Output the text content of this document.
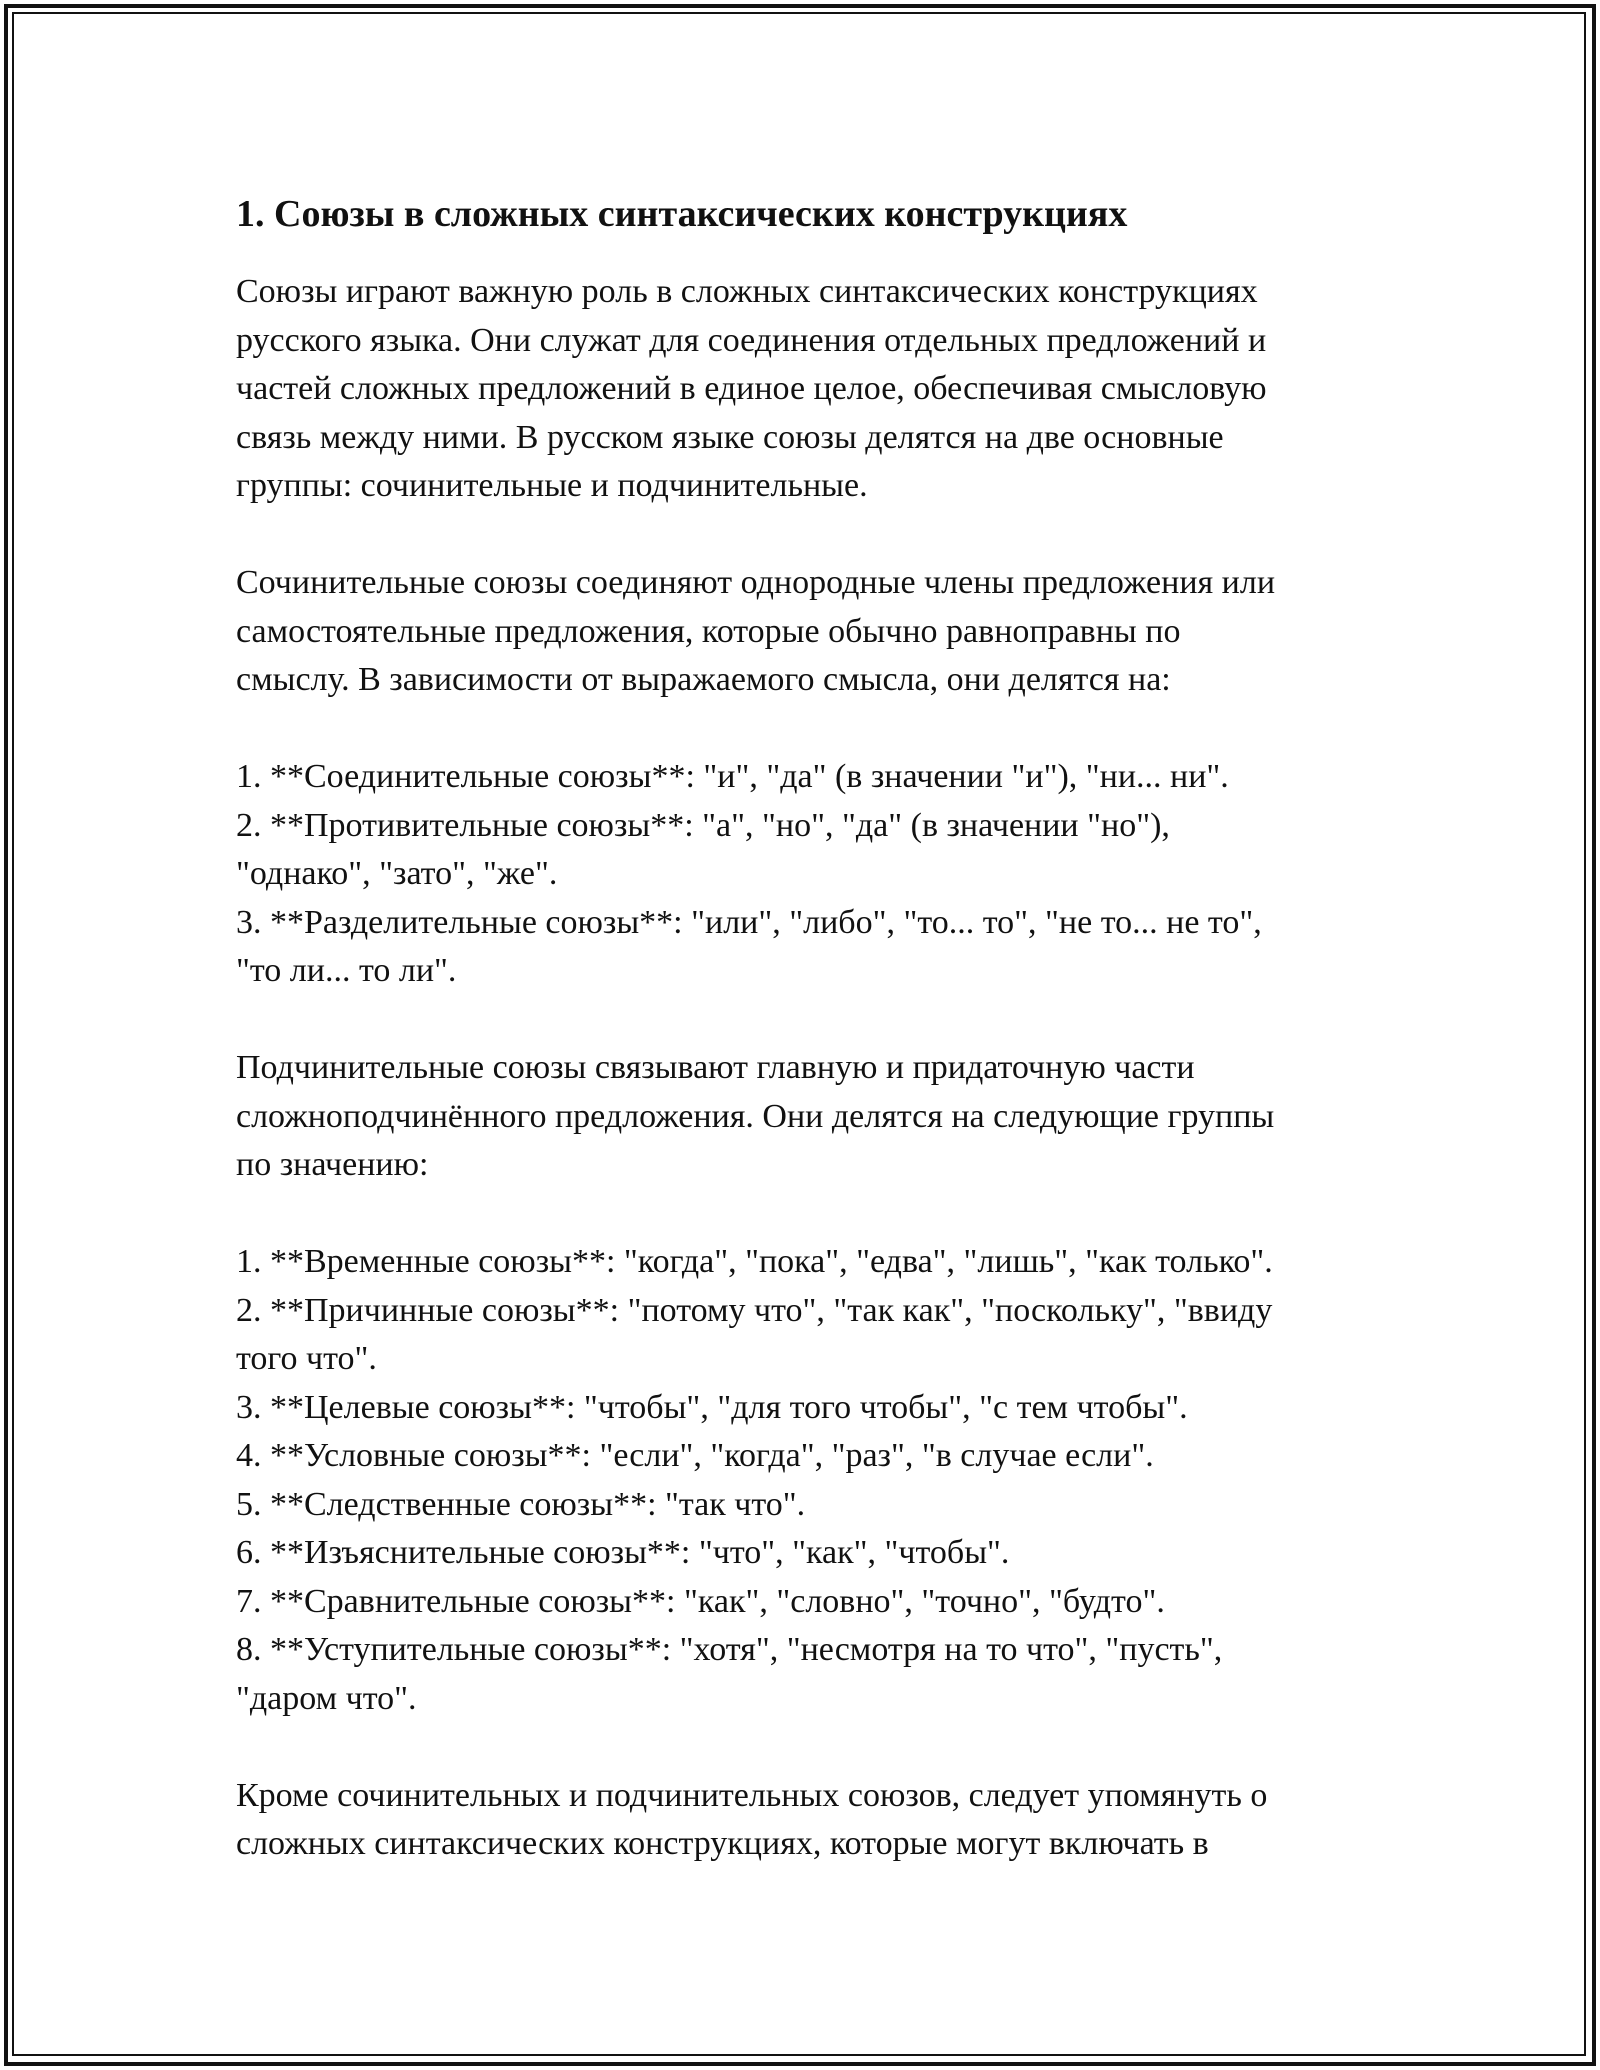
1. Союзы в сложных синтаксических конструкциях

Союзы играют важную роль в сложных синтаксических конструкциях

русского языка. Они служат для соединения отдельных предложений и

частей сложных предложений в единое целое, обеспечивая смысловую

связь между ними. В русском языке союзы делятся на две основные

группы: сочинительные и подчинительные.

Сочинительные союзы соединяют однородные члены предложения или

самостоятельные предложения, которые обычно равноправны по

смыслу. В зависимости от выражаемого смысла, они делятся на:

1. **Соединительные союзы**: "и", "да" (в значении "и"), "ни... ни".

2. **Противительные союзы**: "а", "но", "да" (в значении "но"),

"однако", "зато", "же".

3. **Разделительные союзы**: "или", "либо", "то... то", "не то... не то",

"то ли... то ли".

Подчинительные союзы связывают главную и придаточную части

сложноподчинённого предложения. Они делятся на следующие группы

по значению:

1. **Временные союзы**: "когда", "пока", "едва", "лишь", "как только".

2. **Причинные союзы**: "потому что", "так как", "поскольку", "ввиду

того что".

3. **Целевые союзы**: "чтобы", "для того чтобы", "с тем чтобы".

4. **Условные союзы**: "если", "когда", "раз", "в случае если".

5. **Следственные союзы**: "так что".

6. **Изъяснительные союзы**: "что", "как", "чтобы".

7. **Сравнительные союзы**: "как", "словно", "точно", "будто".

8. **Уступительные союзы**: "хотя", "несмотря на то что", "пусть",

"даром что".

Кроме сочинительных и подчинительных союзов, следует упомянуть о

сложных синтаксических конструкциях, которые могут включать в
